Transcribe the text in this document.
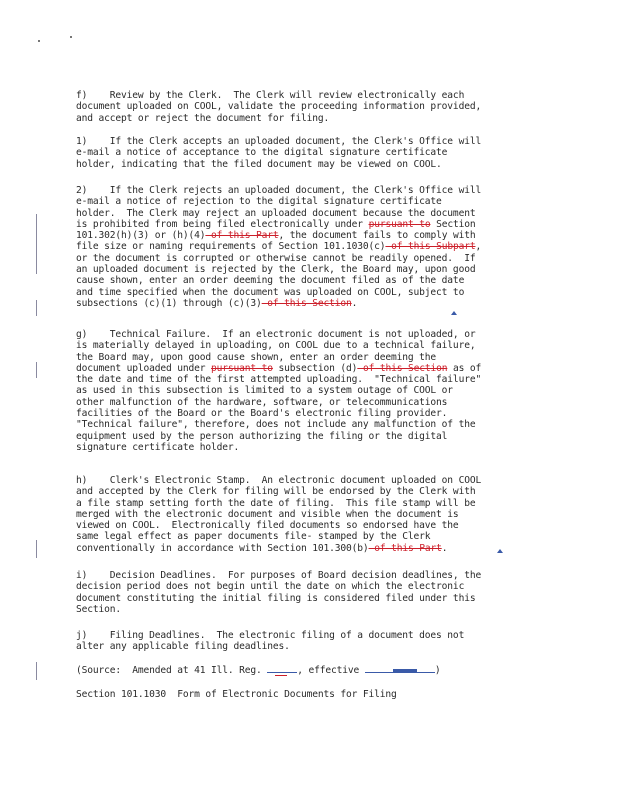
f)    Review by the Clerk.  The Clerk will review electronically each
document uploaded on COOL, validate the proceeding information provided,
and accept or reject the document for filing.
1)    If the Clerk accepts an uploaded document, the Clerk's Office will
e-mail a notice of acceptance to the digital signature certificate
holder, indicating that the filed document may be viewed on COOL.
2)    If the Clerk rejects an uploaded document, the Clerk's Office will
e-mail a notice of rejection to the digital signature certificate
holder.  The Clerk may reject an uploaded document because the document
is prohibited from being filed electronically under pursuant to Section
101.302(h)(3) or (h)(4) of this Part, the document fails to comply with
file size or naming requirements of Section 101.1030(c) of this Subpart,
or the document is corrupted or otherwise cannot be readily opened.  If
an uploaded document is rejected by the Clerk, the Board may, upon good
cause shown, enter an order deeming the document filed as of the date
and time specified when the document was uploaded on COOL, subject to
subsections (c)(1) through (c)(3) of this Section.
g)    Technical Failure.  If an electronic document is not uploaded, or
is materially delayed in uploading, on COOL due to a technical failure,
the Board may, upon good cause shown, enter an order deeming the
document uploaded under pursuant to subsection (d) of this Section as of
the date and time of the first attempted uploading.  "Technical failure"
as used in this subsection is limited to a system outage of COOL or
other malfunction of the hardware, software, or telecommunications
facilities of the Board or the Board's electronic filing provider.
"Technical failure", therefore, does not include any malfunction of the
equipment used by the person authorizing the filing or the digital
signature certificate holder.
h)    Clerk's Electronic Stamp.  An electronic document uploaded on COOL
and accepted by the Clerk for filing will be endorsed by the Clerk with
a file stamp setting forth the date of filing.  This file stamp will be
merged with the electronic document and visible when the document is
viewed on COOL.  Electronically filed documents so endorsed have the
same legal effect as paper documents file- stamped by the Clerk
conventionally in accordance with Section 101.300(b) of this Part.
i)    Decision Deadlines.  For purposes of Board decision deadlines, the
decision period does not begin until the date on which the electronic
document constituting the initial filing is considered filed under this
Section.
j)    Filing Deadlines.  The electronic filing of a document does not
alter any applicable filing deadlines.
(Source:  Amended at 41 Ill. Reg.	, effective	)
Section 101.1030  Form of Electronic Documents for Filing
